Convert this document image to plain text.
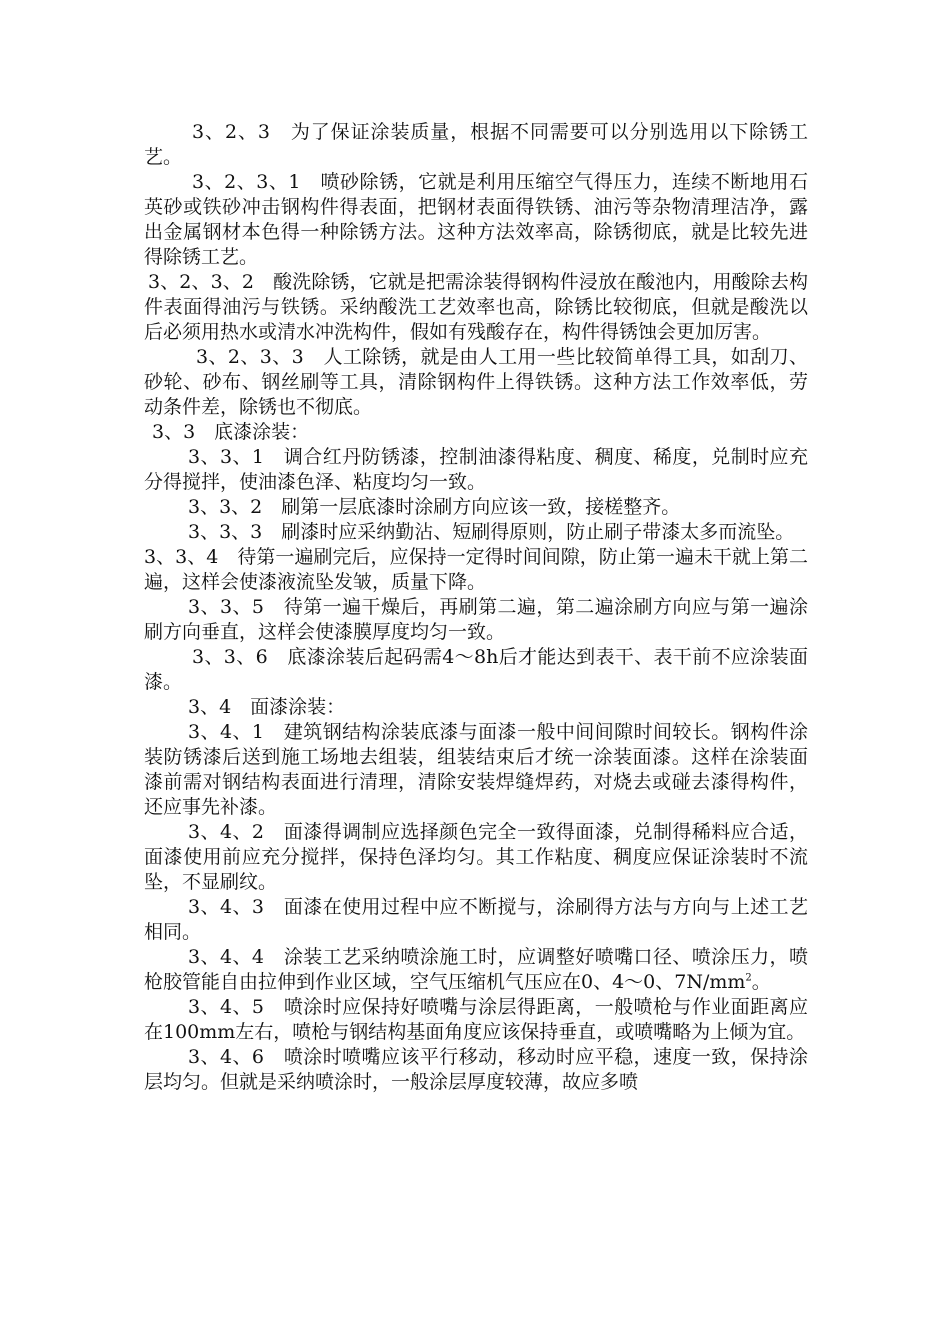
3、2、3　为了保证涂装质量，根据不同需要可以分别选用以下除锈工艺。

3、2、3、1　喷砂除锈，它就是利用压缩空气得压力，连续不断地用石英砂或铁砂冲击钢构件得表面，把钢材表面得铁锈、油污等杂物清理洁净，露出金属钢材本色得一种除锈方法。这种方法效率高，除锈彻底，就是比较先进得除锈工艺。

3、2、3、2　酸洗除锈，它就是把需涂装得钢构件浸放在酸池内，用酸除去构件表面得油污与铁锈。采纳酸洗工艺效率也高，除锈比较彻底，但就是酸洗以后必须用热水或清水冲洗构件，假如有残酸存在，构件得锈蚀会更加厉害。

3、2、3、3　人工除锈，就是由人工用一些比较简单得工具，如刮刀、砂轮、砂布、钢丝刷等工具，清除钢构件上得铁锈。这种方法工作效率低，劳动条件差，除锈也不彻底。

3、3　底漆涂装：

3、3、1　调合红丹防锈漆，控制油漆得粘度、稠度、稀度，兑制时应充分得搅拌，使油漆色泽、粘度均匀一致。

3、3、2　刷第一层底漆时涂刷方向应该一致，接槎整齐。

3、3、3　刷漆时应采纳勤沾、短刷得原则，防止刷子带漆太多而流坠。

3、3、4　待第一遍刷完后，应保持一定得时间间隙，防止第一遍未干就上第二遍，这样会使漆液流坠发皱，质量下降。

3、3、5　待第一遍干燥后，再刷第二遍，第二遍涂刷方向应与第一遍涂刷方向垂直，这样会使漆膜厚度均匀一致。

3、3、6　底漆涂装后起码需4～8h后才能达到表干、表干前不应涂装面漆。

3、4　面漆涂装：

3、4、1　建筑钢结构涂装底漆与面漆一般中间间隙时间较长。钢构件涂装防锈漆后送到施工场地去组装，组装结束后才统一涂装面漆。这样在涂装面漆前需对钢结构表面进行清理，清除安装焊缝焊药，对烧去或碰去漆得构件，还应事先补漆。

3、4、2　面漆得调制应选择颜色完全一致得面漆，兑制得稀料应合适，面漆使用前应充分搅拌，保持色泽均匀。其工作粘度、稠度应保证涂装时不流坠，不显刷纹。

3、4、3　面漆在使用过程中应不断搅与，涂刷得方法与方向与上述工艺相同。

3、4、4　涂装工艺采纳喷涂施工时，应调整好喷嘴口径、喷涂压力，喷枪胶管能自由拉伸到作业区域，空气压缩机气压应在0、4～0、$7N/mm^2$。

3、4、5　喷涂时应保持好喷嘴与涂层得距离，一般喷枪与作业面距离应在100mm左右，喷枪与钢结构基面角度应该保持垂直，或喷嘴略为上倾为宜。

3、4、6　喷涂时喷嘴应该平行移动，移动时应平稳，速度一致，保持涂层均匀。但就是采纳喷涂时，一般涂层厚度较薄，故应多喷
